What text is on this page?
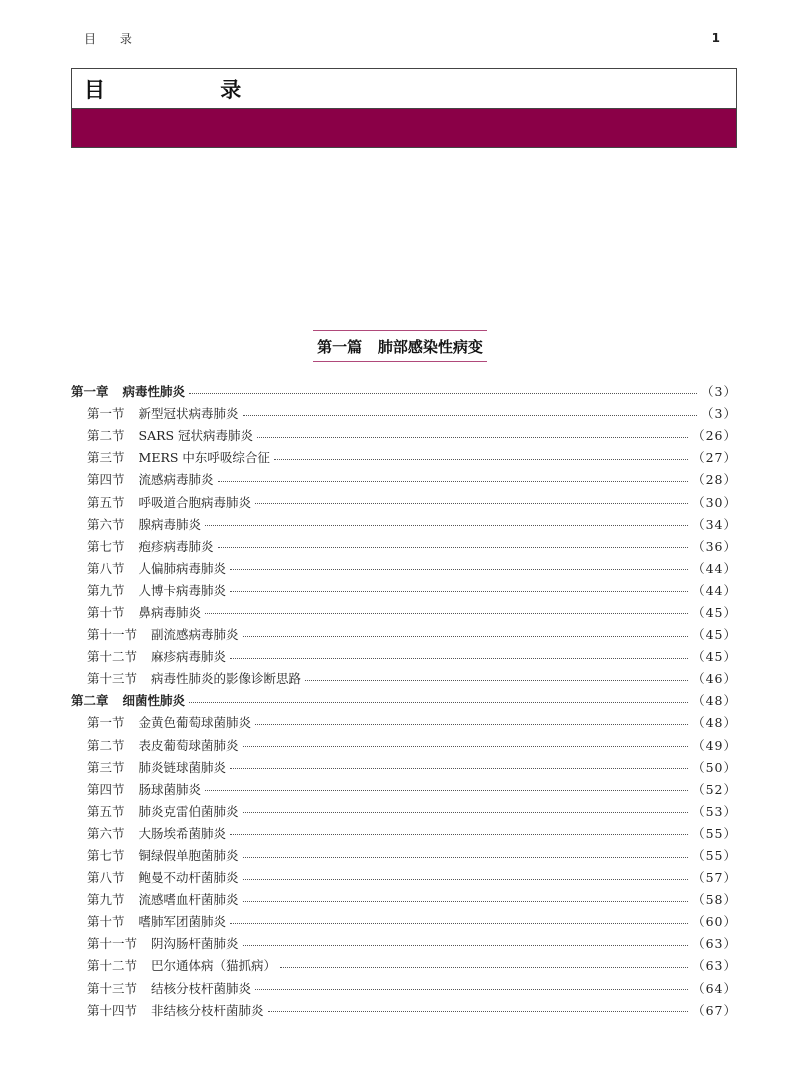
目 录	1
目 录
第一篇 肺部感染性病变
第一章 病毒性肺炎	（3）
第一节 新型冠状病毒肺炎	（3）
第二节 SARS 冠状病毒肺炎	（26）
第三节 MERS 中东呼吸综合征	（27）
第四节 流感病毒肺炎	（28）
第五节 呼吸道合胞病毒肺炎	（30）
第六节 腺病毒肺炎	（34）
第七节 疱疹病毒肺炎	（36）
第八节 人偏肺病毒肺炎	（44）
第九节 人博卡病毒肺炎	（44）
第十节 鼻病毒肺炎	（45）
第十一节 副流感病毒肺炎	（45）
第十二节 麻疹病毒肺炎	（45）
第十三节 病毒性肺炎的影像诊断思路	（46）
第二章 细菌性肺炎	（48）
第一节 金黄色葡萄球菌肺炎	（48）
第二节 表皮葡萄球菌肺炎	（49）
第三节 肺炎链球菌肺炎	（50）
第四节 肠球菌肺炎	（52）
第五节 肺炎克雷伯菌肺炎	（53）
第六节 大肠埃希菌肺炎	（55）
第七节 铜绿假单胞菌肺炎	（55）
第八节 鲍曼不动杆菌肺炎	（57）
第九节 流感嗜血杆菌肺炎	（58）
第十节 嗜肺军团菌肺炎	（60）
第十一节 阴沟肠杆菌肺炎	（63）
第十二节 巴尔通体病（猫抓病）	（63）
第十三节 结核分枝杆菌肺炎	（64）
第十四节 非结核分枝杆菌肺炎	（67）
